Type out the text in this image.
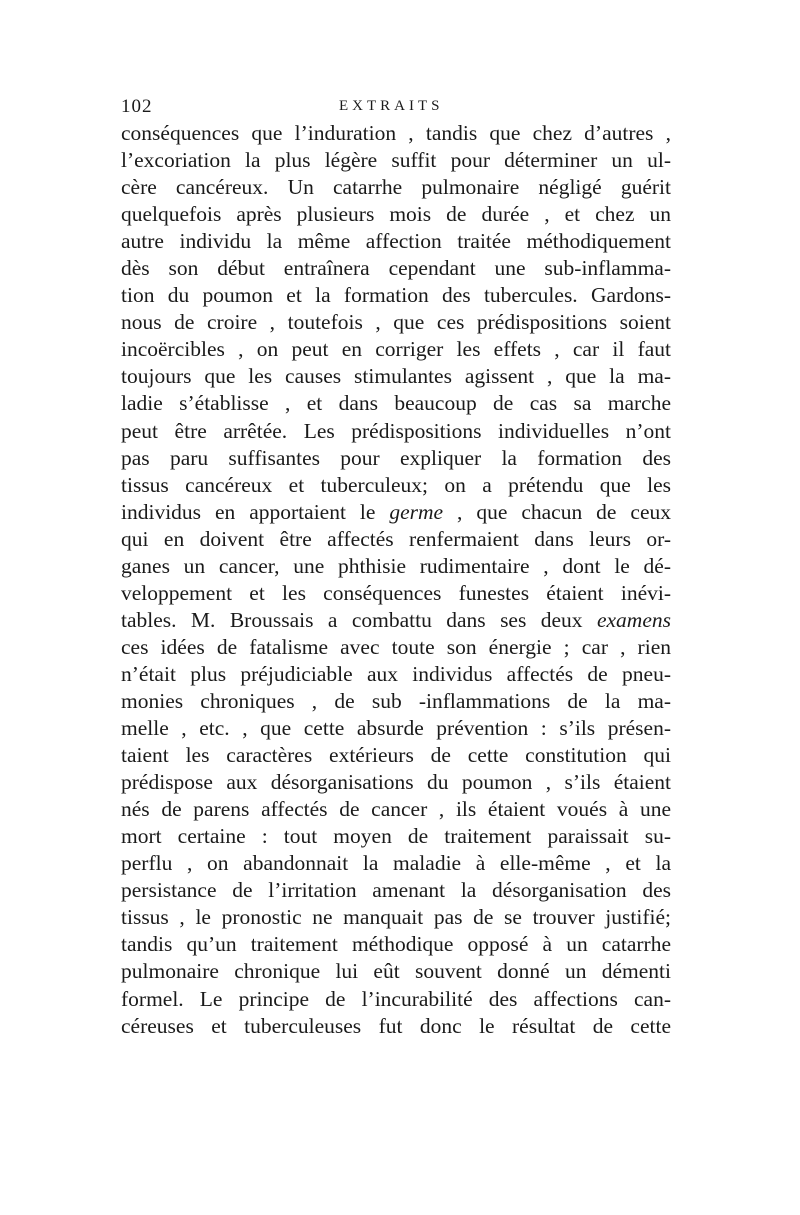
102	EXTRAITS
conséquences que l’induration , tandis que chez d’autres ,
l’excoriation la plus légère suffit pour déterminer un ul-
cère cancéreux. Un catarrhe pulmonaire négligé guérit
quelquefois après plusieurs mois de durée , et chez un
autre individu la même affection traitée méthodiquement
dès son début entraînera cependant une sub-inflamma-
tion du poumon et la formation des tubercules. Gardons-
nous de croire , toutefois , que ces prédispositions soient
incoërcibles , on peut en corriger les effets , car il faut
toujours que les causes stimulantes agissent , que la ma-
ladie s’établisse , et dans beaucoup de cas sa marche
peut être arrêtée. Les prédispositions individuelles n’ont
pas paru suffisantes pour expliquer la formation des
tissus cancéreux et tuberculeux; on a prétendu que les
individus en apportaient le germe , que chacun de ceux
qui en doivent être affectés renfermaient dans leurs or-
ganes un cancer, une phthisie rudimentaire , dont le dé-
veloppement et les conséquences funestes étaient inévi-
tables. M. Broussais a combattu dans ses deux examens
ces idées de fatalisme avec toute son énergie ; car , rien
n’était plus préjudiciable aux individus affectés de pneu-
monies chroniques , de sub -inflammations de la ma-
melle , etc. , que cette absurde prévention : s’ils présen-
taient les caractères extérieurs de cette constitution qui
prédispose aux désorganisations du poumon , s’ils étaient
nés de parens affectés de cancer , ils étaient voués à une
mort certaine : tout moyen de traitement paraissait su-
perflu , on abandonnait la maladie à elle-même , et la
persistance de l’irritation amenant la désorganisation des
tissus , le pronostic ne manquait pas de se trouver justifié;
tandis qu’un traitement méthodique opposé à un catarrhe
pulmonaire chronique lui eût souvent donné un démenti
formel. Le principe de l’incurabilité des affections can-
céreuses et tuberculeuses fut donc le résultat de cette
